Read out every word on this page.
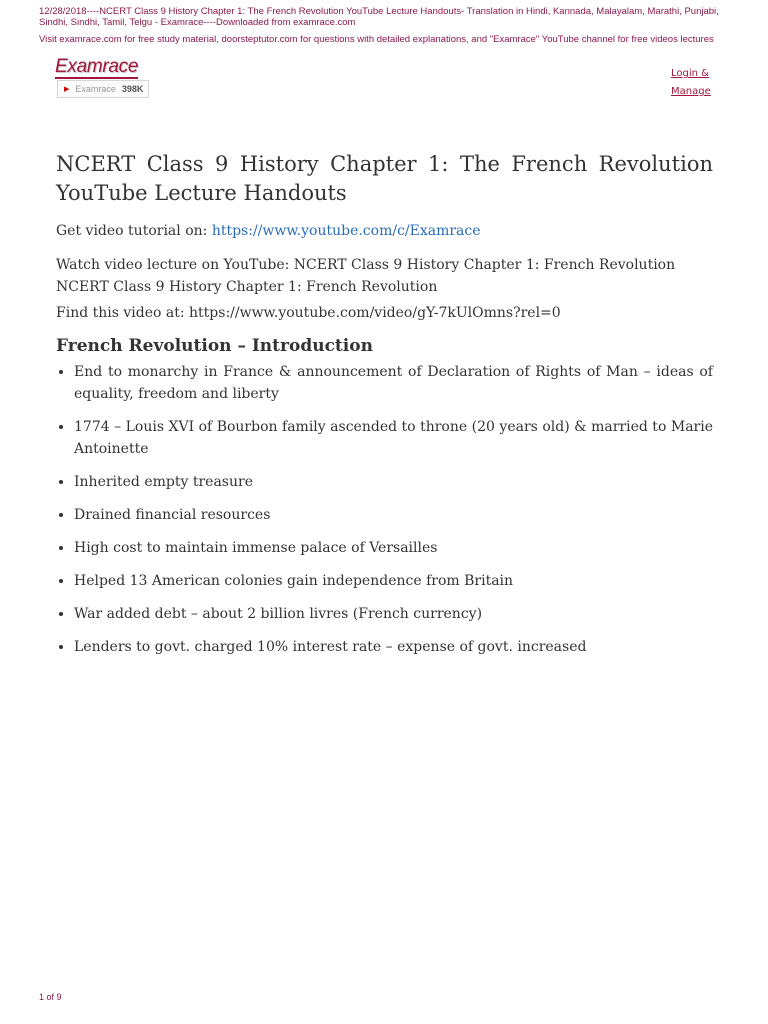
12/28/2018----NCERT Class 9 History Chapter 1: The French Revolution YouTube Lecture Handouts- Translation in Hindi, Kannada, Malayalam, Marathi, Punjabi, Sindhi, Sindhi, Tamil, Telgu - Examrace----Downloaded from examrace.com

Visit examrace.com for free study material, doorsteptutor.com for questions with detailed explanations, and "Examrace" YouTube channel for free videos lectures

Examrace
▶ Examrace 398K
Login &
Manage
NCERT Class 9 History Chapter 1: The French Revolution YouTube Lecture Handouts

Get video tutorial on: https://www.youtube.com/c/Examrace

Watch video lecture on YouTube: NCERT Class 9 History Chapter 1: French Revolution

NCERT Class 9 History Chapter 1: French Revolution

Find this video at: https://www.youtube.com/video/gY-7kUlOmns?rel=0

French Revolution – Introduction
• End to monarchy in France & announcement of Declaration of Rights of Man – ideas of equality, freedom and liberty
• 1774 – Louis XVI of Bourbon family ascended to throne (20 years old) & married to Marie Antoinette
• Inherited empty treasure
• Drained financial resources
• High cost to maintain immense palace of Versailles
• Helped 13 American colonies gain independence from Britain
• War added debt – about 2 billion livres (French currency)
• Lenders to govt. charged 10% interest rate – expense of govt. increased
1 of 9
